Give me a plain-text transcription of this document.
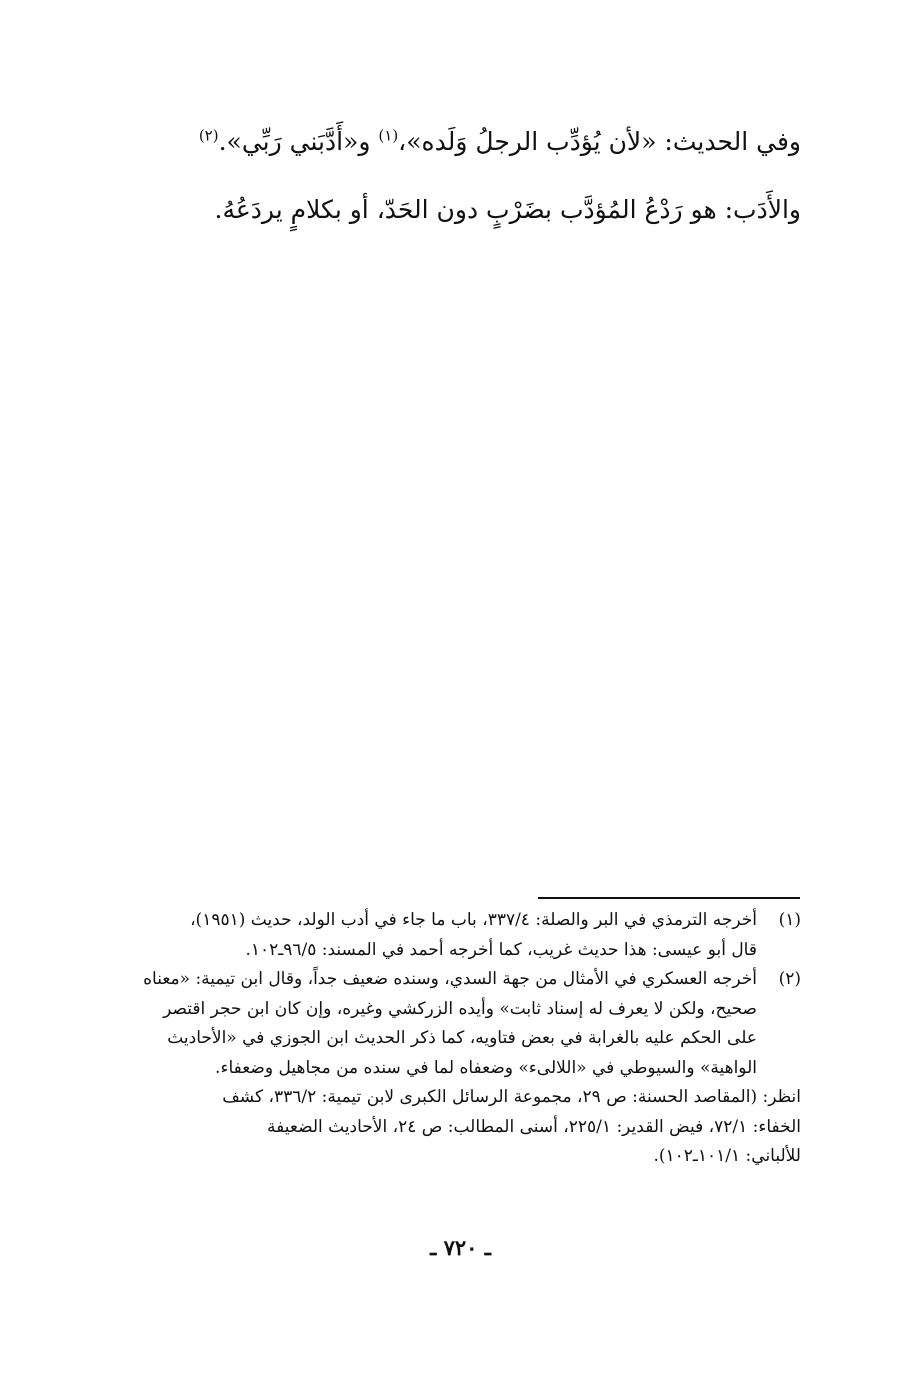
وفي الحديث: «لأن يُؤدِّب الرجلُ وَلَده»،$^{(١)}$ و«أَدَّبَني رَبِّي».$^{(٢)}$
والأَدَب: هو رَدْعُ المُؤدَّب بضَرْبٍ دون الحَدّ، أو بكلامٍ يردَعُهُ.
(١)

أخرجه الترمذي في البر والصلة: ٣٣٧/٤، باب ما جاء في أدب الولد، حديث (١٩٥١)،

قال أبو عيسى: هذا حديث غريب، كما أخرجه أحمد في المسند: ٩٦/٥ـ١٠٢.

(٢)

أخرجه العسكري في الأمثال من جهة السدي، وسنده ضعيف جداً، وقال ابن تيمية: «معناه

صحيح، ولكن لا يعرف له إسناد ثابت» وأيده الزركشي وغيره، وإن كان ابن حجر اقتصر

على الحكم عليه بالغرابة في بعض فتاويه، كما ذكر الحديث ابن الجوزي في «الأحاديث

الواهية» والسيوطي في «اللالىء» وضعفاه لما في سنده من مجاهيل وضعفاء.

انظر: (المقاصد الحسنة: ص ٢٩، مجموعة الرسائل الكبرى لابن تيمية: ٣٣٦/٢، كشف

الخفاء: ٧٢/١، فيض القدير: ٢٢٥/١، أسنى المطالب: ص ٢٤، الأحاديث الضعيفة

للألباني: ١٠١/١ـ١٠٢).

ـ ٧٢٠ ـ
